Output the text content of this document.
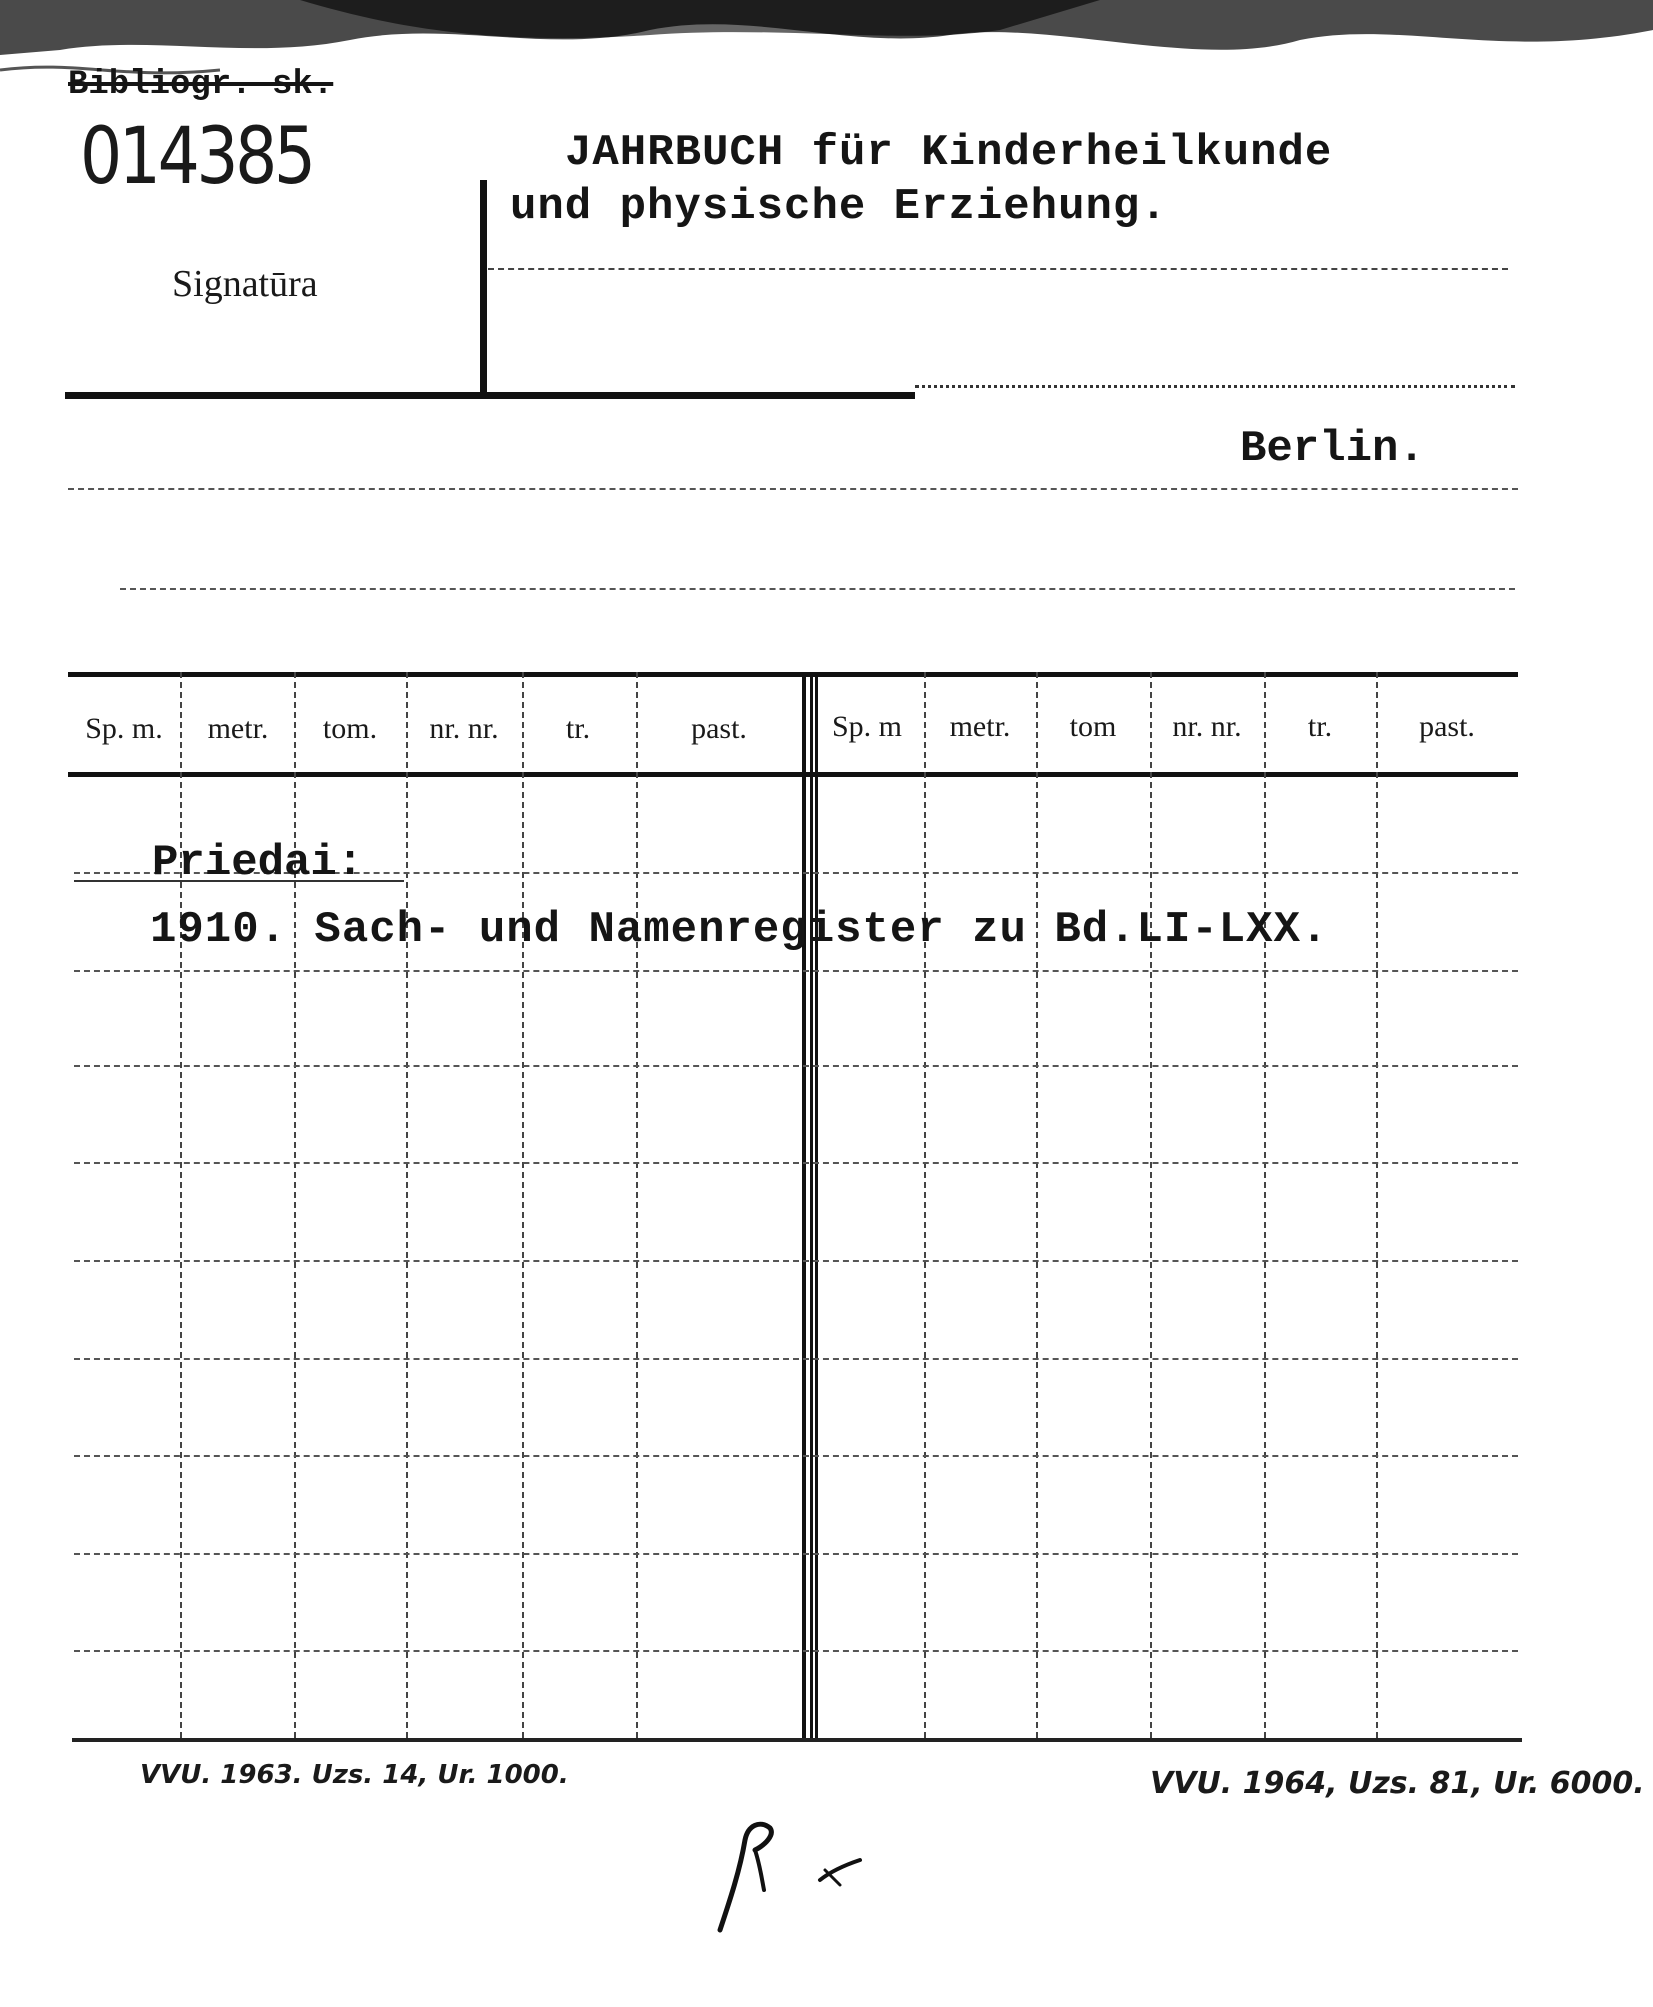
Bibliogr. sk.
014385
Signatūra
JAHRBUCH für Kinderheilkunde
und physische Erziehung.
Berlin.
Sp. m.	metr.	tom.	nr. nr.	tr.	past.	Sp. m	metr.	tom	nr. nr.	tr.	past.
Priedai:
1910. Sach- und Namenregister zu Bd.LI-LXX.
VVU. 1963. Uzs. 14, Ur. 1000.	VVU. 1964, Uzs. 81, Ur. 6000.
